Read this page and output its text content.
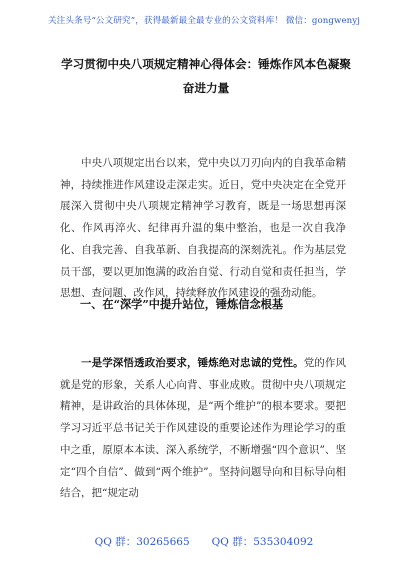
关注头条号“公文研究”，获得最新最全最专业的公文资料库！ 微信：gongwenyj
学习贯彻中央八项规定精神心得体会：锤炼作风本色凝聚奋进力量

中央八项规定出台以来，党中央以刀刃向内的自我革命精神，持续推进作风建设走深走实。近日，党中央决定在全党开展深入贯彻中央八项规定精神学习教育，既是一场思想再深化、作风再淬火、纪律再升温的集中整治，也是一次自我净化、自我完善、自我革新、自我提高的深刻洗礼。作为基层党员干部，要以更加饱满的政治自觉、行动自觉和责任担当，学思想、查问题、改作风，持续释放作风建设的强劲动能。

一、在“深学”中提升站位，锤炼信念根基

一是学深悟透政治要求，锤炼绝对忠诚的党性。党的作风就是党的形象，关系人心向背、事业成败。贯彻中央八项规定精神，是讲政治的具体体现，是“两个维护”的根本要求。要把学习习近平总书记关于作风建设的重要论述作为理论学习的重中之重，原原本本读、深入系统学，不断增强“四个意识”、坚定“四个自信”、做到“两个维护”。坚持问题导向和目标导向相结合，把“规定动

QQ 群：30265665 QQ 群：535304092
